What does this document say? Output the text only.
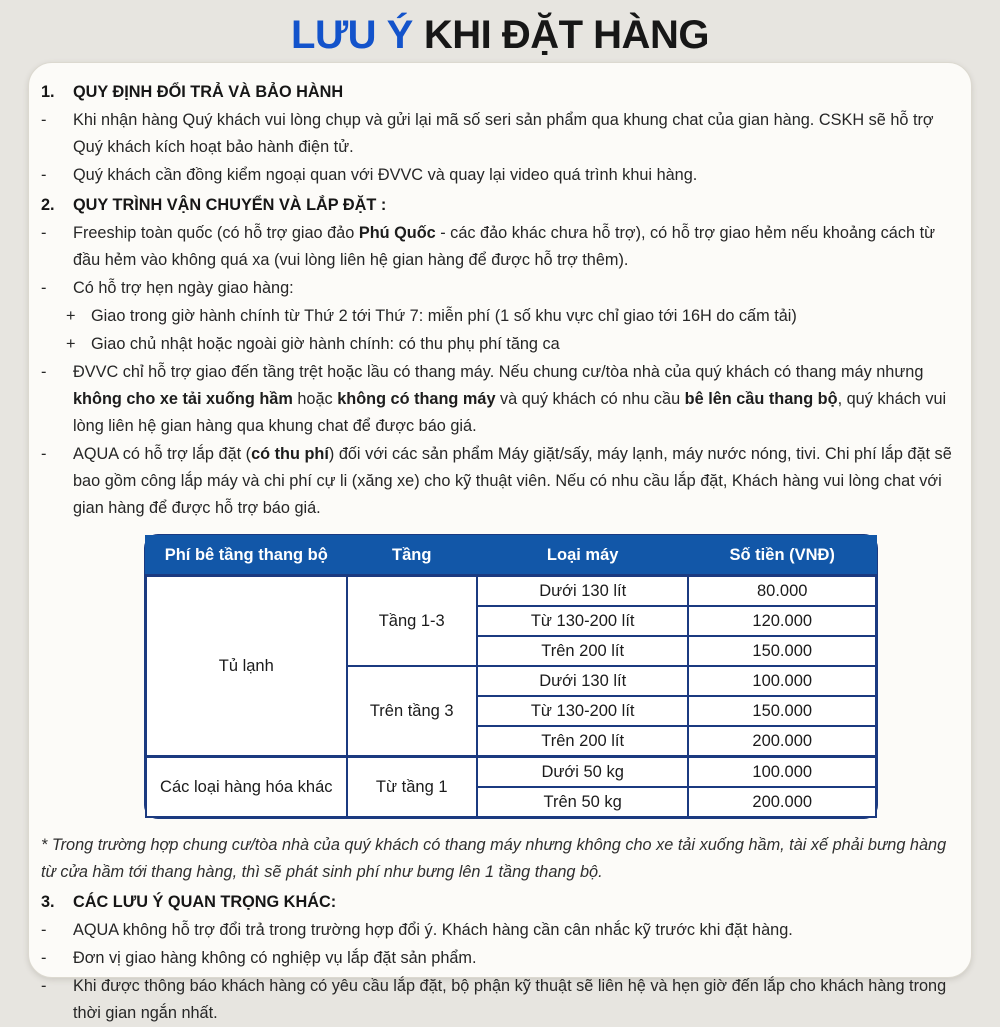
LƯU Ý KHI ĐẶT HÀNG
1.	QUY ĐỊNH ĐỔI TRẢ VÀ BẢO HÀNH
-	Khi nhận hàng Quý khách vui lòng chụp và gửi lại mã số seri sản phẩm qua khung chat của gian hàng. CSKH sẽ hỗ trợ Quý khách kích hoạt bảo hành điện tử.
-	Quý khách cần đồng kiểm ngoại quan với ĐVVC và quay lại video quá trình khui hàng.
2.	QUY TRÌNH VẬN CHUYỂN VÀ LẮP ĐẶT :
-	Freeship toàn quốc (có hỗ trợ giao đảo Phú Quốc - các đảo khác chưa hỗ trợ), có hỗ trợ giao hẻm nếu khoảng cách từ đầu hẻm vào không quá xa (vui lòng liên hệ gian hàng để được hỗ trợ thêm).
-	Có hỗ trợ hẹn ngày giao hàng:
+ Giao trong giờ hành chính từ Thứ 2 tới Thứ 7: miễn phí (1 số khu vực chỉ giao tới 16H do cấm tải)
+ Giao chủ nhật hoặc ngoài giờ hành chính: có thu phụ phí tăng ca
-	ĐVVC chỉ hỗ trợ giao đến tầng trệt hoặc lầu có thang máy. Nếu chung cư/tòa nhà của quý khách có thang máy nhưng không cho xe tải xuống hầm hoặc không có thang máy và quý khách có nhu cầu bê lên cầu thang bộ, quý khách vui lòng liên hệ gian hàng qua khung chat để được báo giá.
-	AQUA có hỗ trợ lắp đặt (có thu phí) đối với các sản phẩm Máy giặt/sấy, máy lạnh, máy nước nóng, tivi. Chi phí lắp đặt sẽ bao gồm công lắp máy và chi phí cự li (xăng xe) cho kỹ thuật viên. Nếu có nhu cầu lắp đặt, Khách hàng vui lòng chat với gian hàng để được hỗ trợ báo giá.
Phí bê tầng thang bộ	Tầng	Loại máy	Số tiền (VNĐ)
Tủ lạnh	Tầng 1-3	Dưới 130 lít	80.000
		Từ 130-200 lít	120.000
		Trên 200 lít	150.000
	Trên tầng 3	Dưới 130 lít	100.000
		Từ 130-200 lít	150.000
		Trên 200 lít	200.000
Các loại hàng hóa khác	Từ tầng 1	Dưới 50 kg	100.000
		Trên 50 kg	200.000

* Trong trường hợp chung cư/tòa nhà của quý khách có thang máy nhưng không cho xe tải xuống hầm, tài xế phải bưng hàng từ cửa hầm tới thang hàng, thì sẽ phát sinh phí như bưng lên 1 tầng thang bộ.

3.	CÁC LƯU Ý QUAN TRỌNG KHÁC:
-	AQUA không hỗ trợ đổi trả trong trường hợp đổi ý. Khách hàng cần cân nhắc kỹ trước khi đặt hàng.
-	Đơn vị giao hàng không có nghiệp vụ lắp đặt sản phẩm.
-	Khi được thông báo khách hàng có yêu cầu lắp đặt, bộ phận kỹ thuật sẽ liên hệ và hẹn giờ đến lắp cho khách hàng trong thời gian ngắn nhất.
